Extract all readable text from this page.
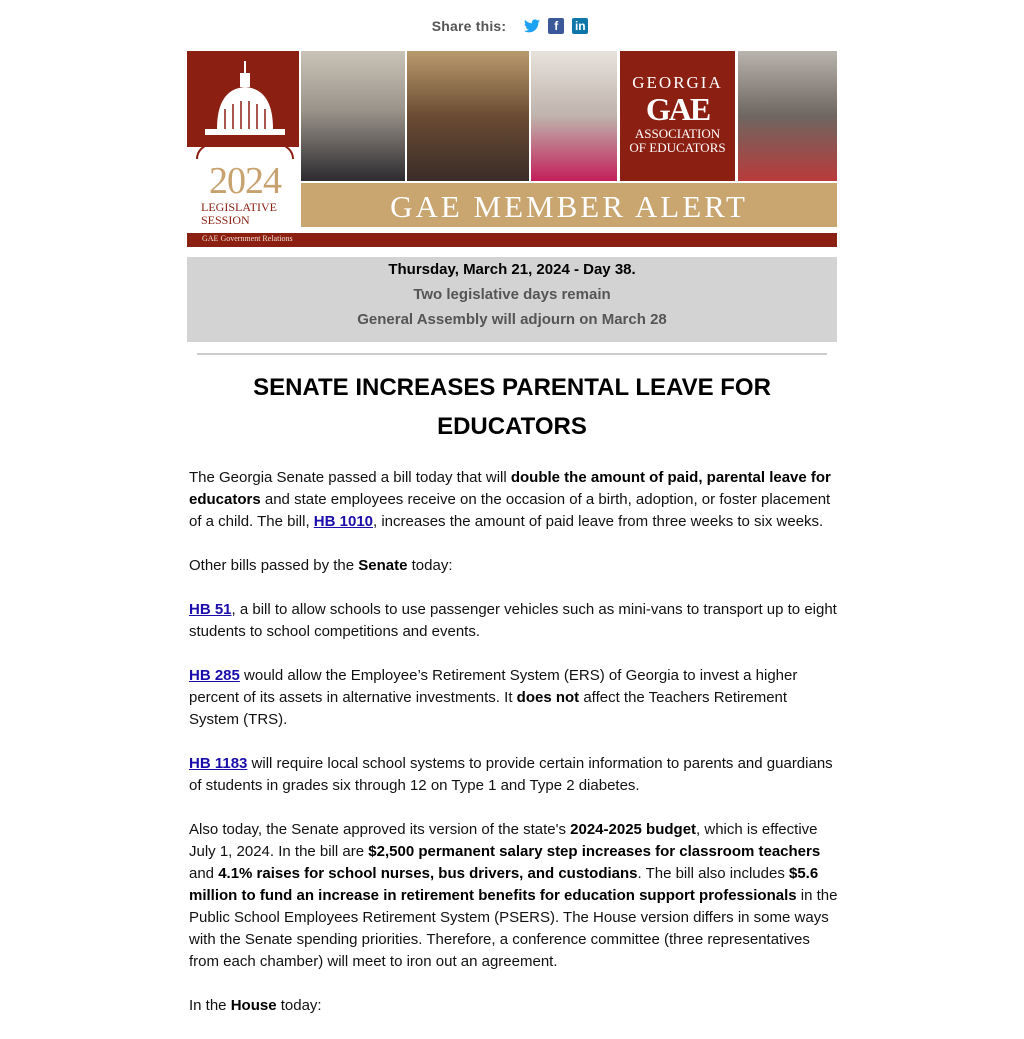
Share this:	f	in
2024
LEGISLATIVE
SESSION
GEORGIA
GAE
ASSOCIATION
OF EDUCATORS
GAE MEMBER ALERT
GAE Government Relations
Thursday, March 21, 2024 - Day 38.
Two legislative days remain
General Assembly will adjourn on March 28
SENATE INCREASES PARENTAL LEAVE FOR EDUCATORS

The Georgia Senate passed a bill today that will double the amount of paid, parental leave for educators and state employees receive on the occasion of a birth, adoption, or foster placement of a child. The bill, HB 1010, increases the amount of paid leave from three weeks to six weeks.

Other bills passed by the Senate today:

HB 51, a bill to allow schools to use passenger vehicles such as mini-vans to transport up to eight students to school competitions and events.

HB 285 would allow the Employee’s Retirement System (ERS) of Georgia to invest a higher percent of its assets in alternative investments. It does not affect the Teachers Retirement System (TRS).

HB 1183 will require local school systems to provide certain information to parents and guardians of students in grades six through 12 on Type 1 and Type 2 diabetes.

Also today, the Senate approved its version of the state's 2024-2025 budget, which is effective July 1, 2024. In the bill are $2,500 permanent salary step increases for classroom teachers and 4.1% raises for school nurses, bus drivers, and custodians. The bill also includes $5.6 million to fund an increase in retirement benefits for education support professionals in the Public School Employees Retirement System (PSERS). The House version differs in some ways with the Senate spending priorities. Therefore, a conference committee (three representatives from each chamber) will meet to iron out an agreement.

In the House today:
